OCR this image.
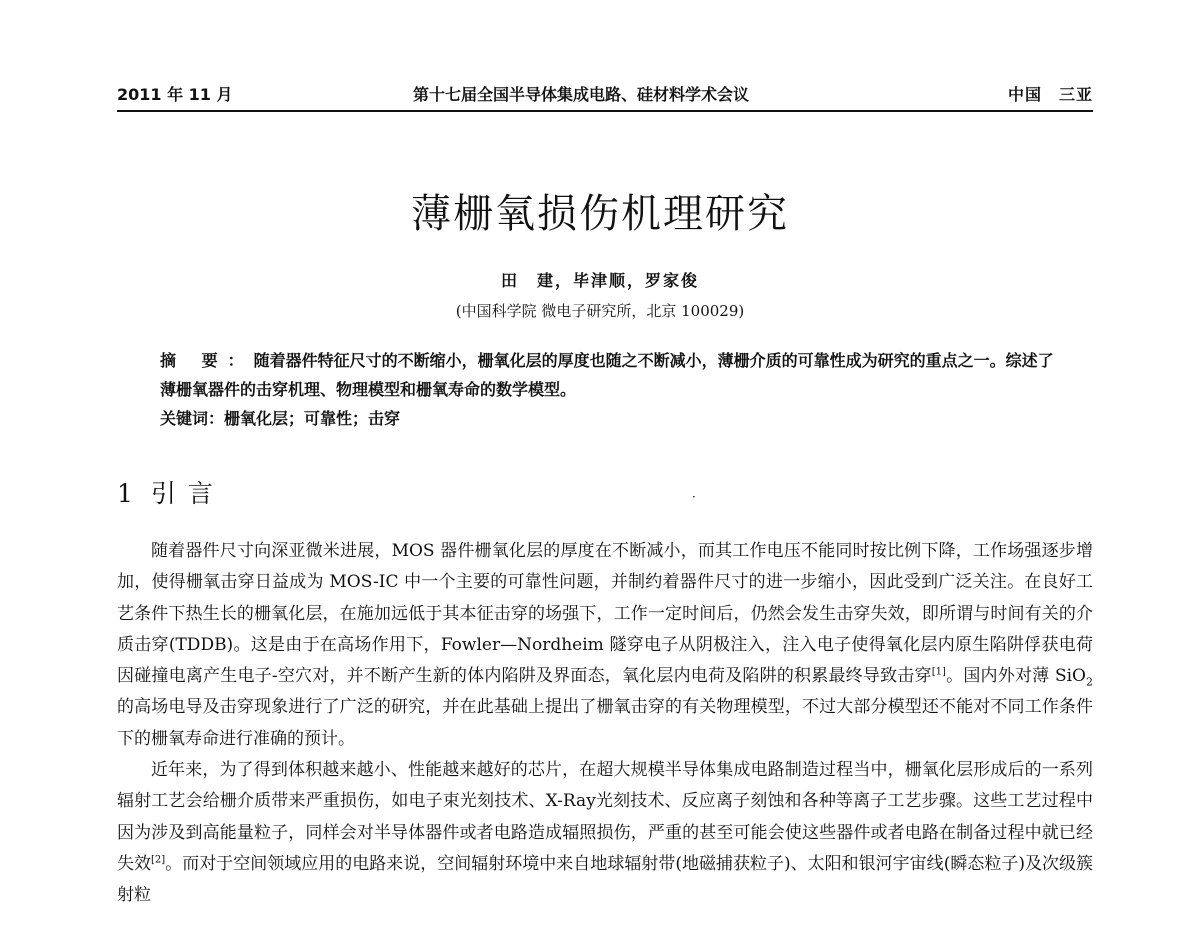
2011 年 11 月	第十七届全国半导体集成电路、硅材料学术会议	中国　三亚
薄栅氧损伤机理研究
田　建，毕津顺，罗家俊
(中国科学院 微电子研究所，北京 100029)
摘 要：随着器件特征尺寸的不断缩小，栅氧化层的厚度也随之不断减小，薄栅介质的可靠性成为研究的重点之一。综述了薄栅氧器件的击穿机理、物理模型和栅氧寿命的数学模型。
关键词：栅氧化层；可靠性；击穿
1 引言	·

随着器件尺寸向深亚微米进展，MOS 器件栅氧化层的厚度在不断减小，而其工作电压不能同时按比例下降，工作场强逐步增加，使得栅氧击穿日益成为 MOS-IC 中一个主要的可靠性问题，并制约着器件尺寸的进一步缩小，因此受到广泛关注。在良好工艺条件下热生长的栅氧化层，在施加远低于其本征击穿的场强下，工作一定时间后，仍然会发生击穿失效，即所谓与时间有关的介质击穿(TDDB)。这是由于在高场作用下，Fowler—Nordheim 隧穿电子从阴极注入，注入电子使得氧化层内原生陷阱俘获电荷因碰撞电离产生电子-空穴对，并不断产生新的体内陷阱及界面态，氧化层内电荷及陷阱的积累最终导致击穿[1]。国内外对薄 SiO$_2$ 的高场电导及击穿现象进行了广泛的研究，并在此基础上提出了栅氧击穿的有关物理模型，不过大部分模型还不能对不同工作条件下的栅氧寿命进行准确的预计。

近年来，为了得到体积越来越小、性能越来越好的芯片，在超大规模半导体集成电路制造过程当中，栅氧化层形成后的一系列辐射工艺会给栅介质带来严重损伤，如电子束光刻技术、X-Ray光刻技术、反应离子刻蚀和各种等离子工艺步骤。这些工艺过程中因为涉及到高能量粒子，同样会对半导体器件或者电路造成辐照损伤，严重的甚至可能会使这些器件或者电路在制备过程中就已经失效[2]。而对于空间领域应用的电路来说，空间辐射环境中来自地球辐射带(地磁捕获粒子)、太阳和银河宇宙线(瞬态粒子)及次级簇射粒
